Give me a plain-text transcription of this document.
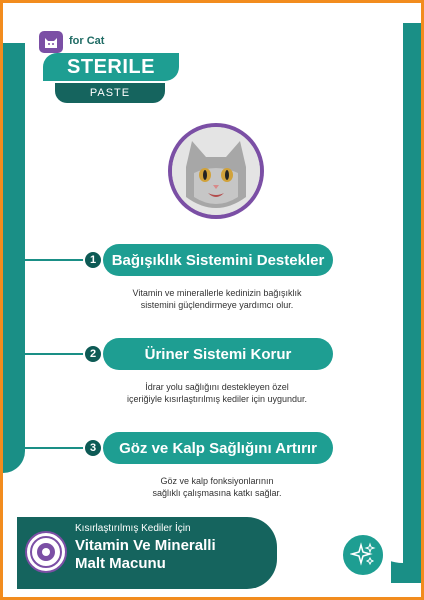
for Cat
STERILE
PASTE
1	Bağışıklık Sistemini Destekler
Vitamin ve minerallerle kedinizin bağışıklık
sistemini güçlendirmeye yardımcı olur.
2	Üriner Sistemi Korur
İdrar yolu sağlığını destekleyen özel
içeriğiyle kısırlaştırılmış kediler için uygundur.
3	Göz ve Kalp Sağlığını Artırır
Göz ve kalp fonksiyonlarının
sağlıklı çalışmasına katkı sağlar.
Kısırlaştırılmış Kediler İçin
Vitamin Ve Mineralli
Malt Macunu
